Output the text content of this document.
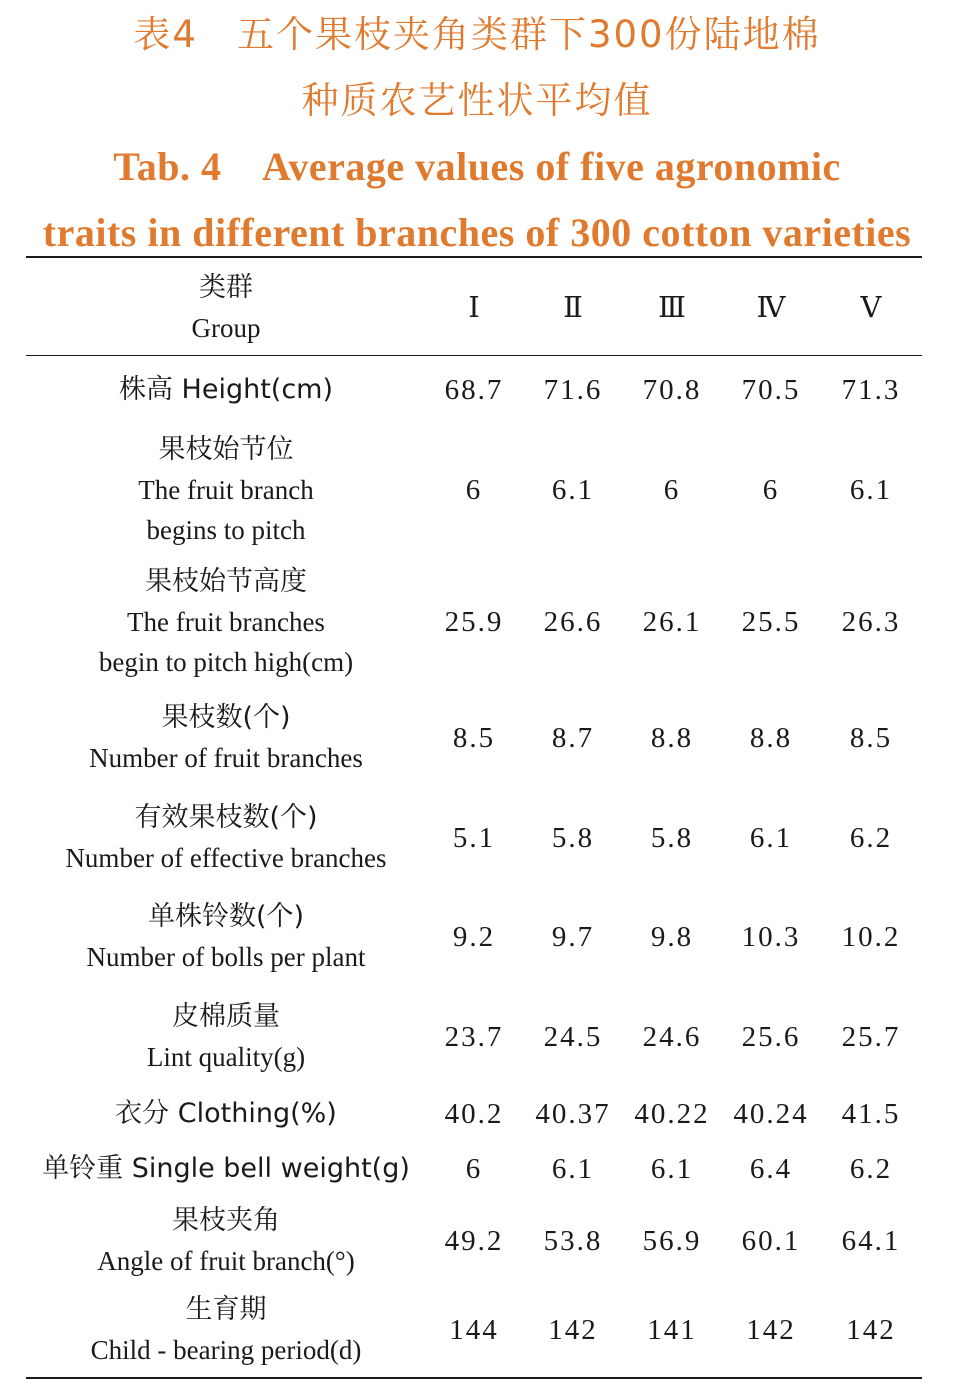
表4　五个果枝夹角类群下300份陆地棉
种质农艺性状平均值
Tab. 4　Average values of five agronomic
traits in different branches of 300 cotton varieties
类群
Group
Ⅰ	Ⅱ	Ⅲ	Ⅳ	Ⅴ
株高 Height(cm)	68.7	71.6	70.8	70.5	71.3
果枝始节位
The fruit branch
begins to pitch
6	6.1	6	6	6.1
果枝始节高度
The fruit branches
begin to pitch high(cm)
25.9	26.6	26.1	25.5	26.3
果枝数(个)
Number of fruit branches
8.5	8.7	8.8	8.8	8.5
有效果枝数(个)
Number of effective branches
5.1	5.8	5.8	6.1	6.2
单株铃数(个)
Number of bolls per plant
9.2	9.7	9.8	10.3	10.2
皮棉质量
Lint quality(g)
23.7	24.5	24.6	25.6	25.7
衣分 Clothing(%)	40.2	40.37 40.22 40.24	41.5
单铃重 Single bell weight(g)	6	6.1	6.1	6.4	6.2
果枝夹角
Angle of fruit branch(°)
49.2	53.8	56.9	60.1	64.1
生育期
Child - bearing period(d)
144	142	141	142	142
